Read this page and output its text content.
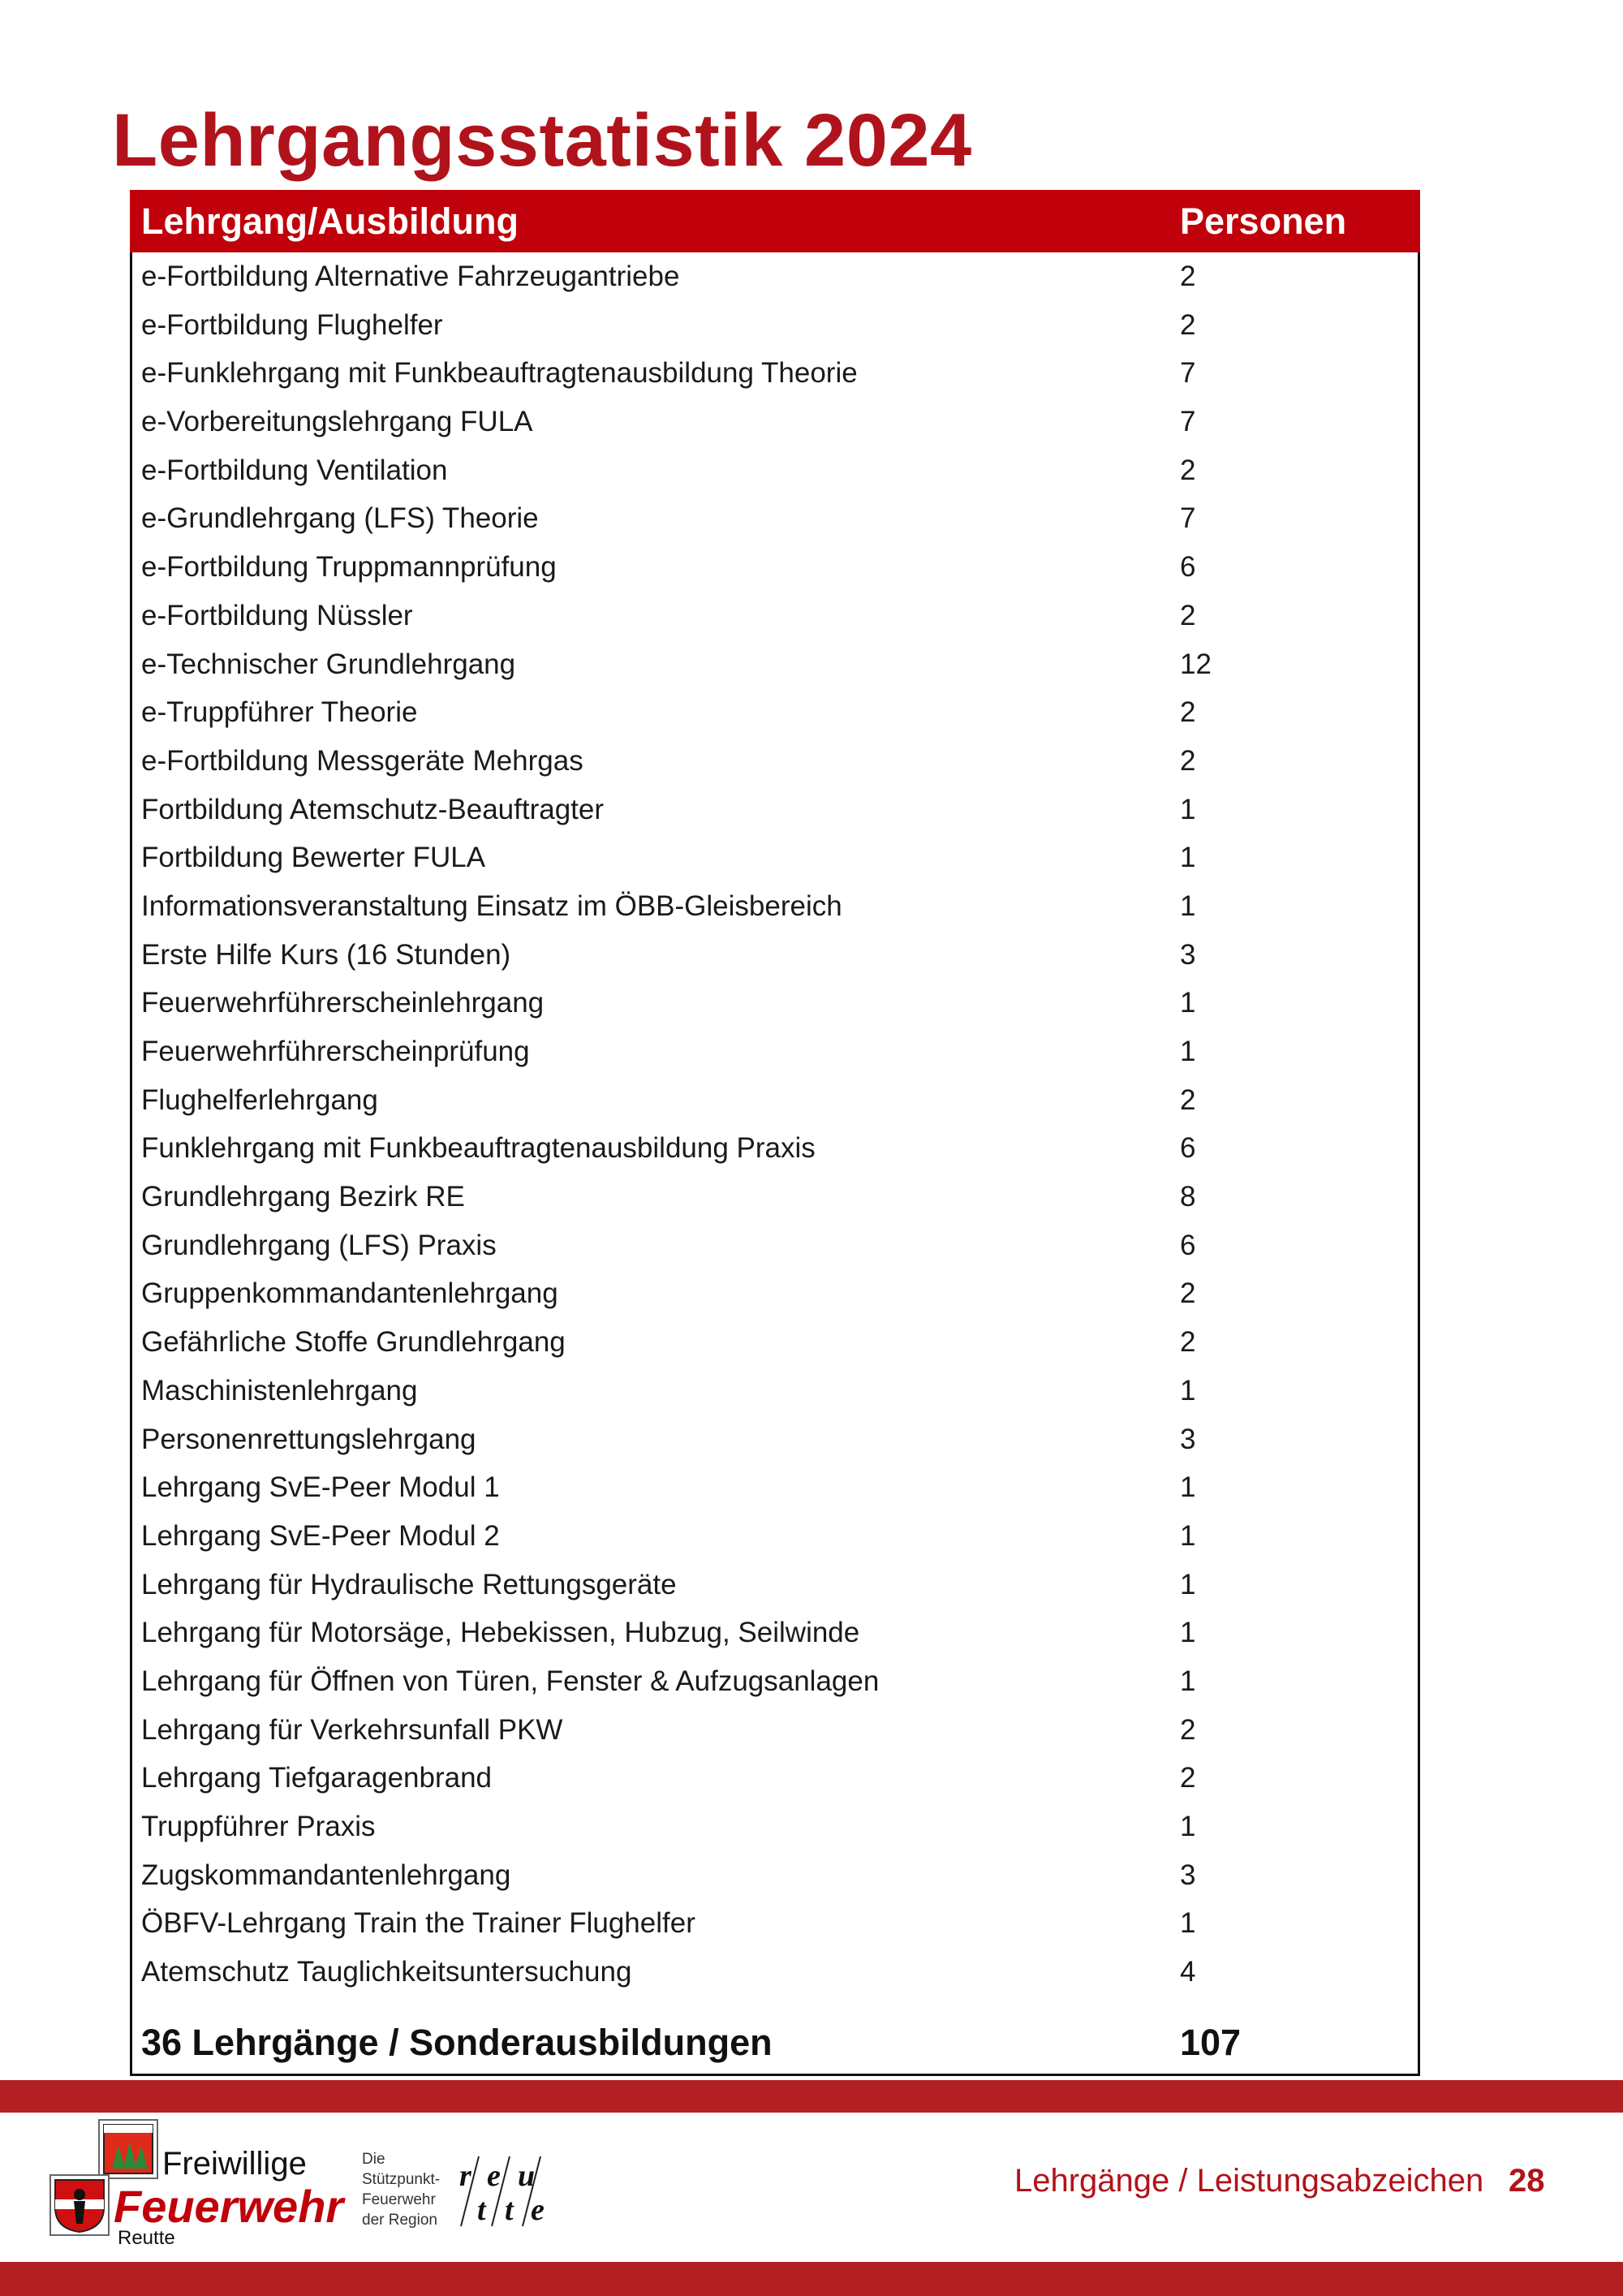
Lehrgangsstatistik 2024
Lehrgang/Ausbildung	Personen
e-Fortbildung Alternative Fahrzeugantriebe	2
e-Fortbildung Flughelfer	2
e-Funklehrgang mit Funkbeauftragtenausbildung Theorie	7
e-Vorbereitungslehrgang FULA	7
e-Fortbildung Ventilation	2
e-Grundlehrgang (LFS) Theorie	7
e-Fortbildung Truppmannprüfung	6
e-Fortbildung Nüssler	2
e-Technischer Grundlehrgang	12
e-Truppführer Theorie	2
e-Fortbildung Messgeräte Mehrgas	2
Fortbildung Atemschutz-Beauftragter	1
Fortbildung Bewerter FULA	1
Informationsveranstaltung Einsatz im ÖBB-Gleisbereich	1
Erste Hilfe Kurs (16 Stunden)	3
Feuerwehrführerscheinlehrgang	1
Feuerwehrführerscheinprüfung	1
Flughelferlehrgang	2
Funklehrgang mit Funkbeauftragtenausbildung Praxis	6
Grundlehrgang Bezirk RE	8
Grundlehrgang (LFS) Praxis	6
Gruppenkommandantenlehrgang	2
Gefährliche Stoffe Grundlehrgang	2
Maschinistenlehrgang	1
Personenrettungslehrgang	3
Lehrgang SvE-Peer Modul 1	1
Lehrgang SvE-Peer Modul 2	1
Lehrgang für Hydraulische Rettungsgeräte	1
Lehrgang für Motorsäge, Hebekissen, Hubzug, Seilwinde	1
Lehrgang für Öffnen von Türen, Fenster & Aufzugsanlagen	1
Lehrgang für Verkehrsunfall PKW	2
Lehrgang Tiefgaragenbrand	2
Truppführer Praxis	1
Zugskommandantenlehrgang	3
ÖBFV-Lehrgang Train the Trainer Flughelfer	1
Atemschutz Tauglichkeitsuntersuchung	4
36 Lehrgänge / Sonderausbildungen	107
Freiwillige
Feuerwehr
Reutte
Die
Stützpunkt-
Feuerwehr
der Region
r e u
t t e
Lehrgänge / Leistungsabzeichen 28
